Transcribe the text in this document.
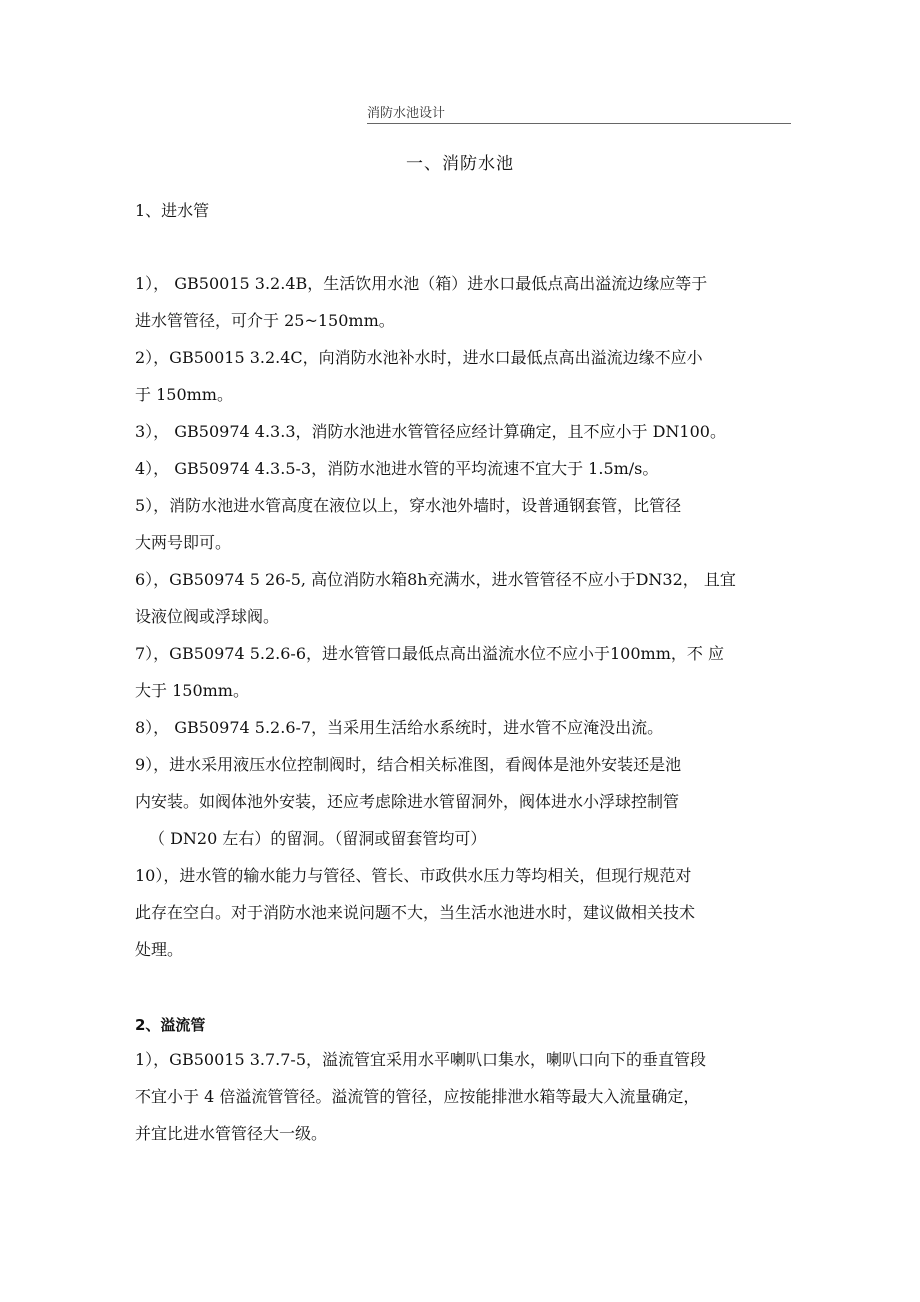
消防水池设计
一、消防水池
1、进水管
1）， GB50015 3.2.4B，生活饮用水池（箱）进水口最低点高出溢流边缘应等于
进水管管径，可介于 25~150mm。
2），GB50015 3.2.4C，向消防水池补水时，进水口最低点高出溢流边缘不应小
于 150mm。
3）， GB50974 4.3.3，消防水池进水管管径应经计算确定，且不应小于 DN100。
4）， GB50974 4.3.5-3，消防水池进水管的平均流速不宜大于 1.5m/s。
5），消防水池进水管高度在液位以上，穿水池外墙时，设普通钢套管，比管径
大两号即可。
6），GB50974 5 26-5, 高位消防水箱8h充满水，进水管管径不应小于DN32， 且宜
设液位阀或浮球阀。
7），GB50974 5.2.6-6，进水管管口最低点高出溢流水位不应小于100mm，不 应
大于 150mm。
8）， GB50974 5.2.6-7，当采用生活给水系统时，进水管不应淹没出流。
9），进水采用液压水位控制阀时，结合相关标准图，看阀体是池外安装还是池
内安装。如阀体池外安装，还应考虑除进水管留洞外，阀体进水小浮球控制管
（ DN20 左右）的留洞。（留洞或留套管均可）
10），进水管的输水能力与管径、管长、市政供水压力等均相关，但现行规范对
此存在空白。对于消防水池来说问题不大，当生活水池进水时，建议做相关技术
处理。
2、溢流管
1），GB50015 3.7.7-5，溢流管宜采用水平喇叭口集水，喇叭口向下的垂直管段
不宜小于 4 倍溢流管管径。溢流管的管径，应按能排泄水箱等最大入流量确定，
并宜比进水管管径大一级。
